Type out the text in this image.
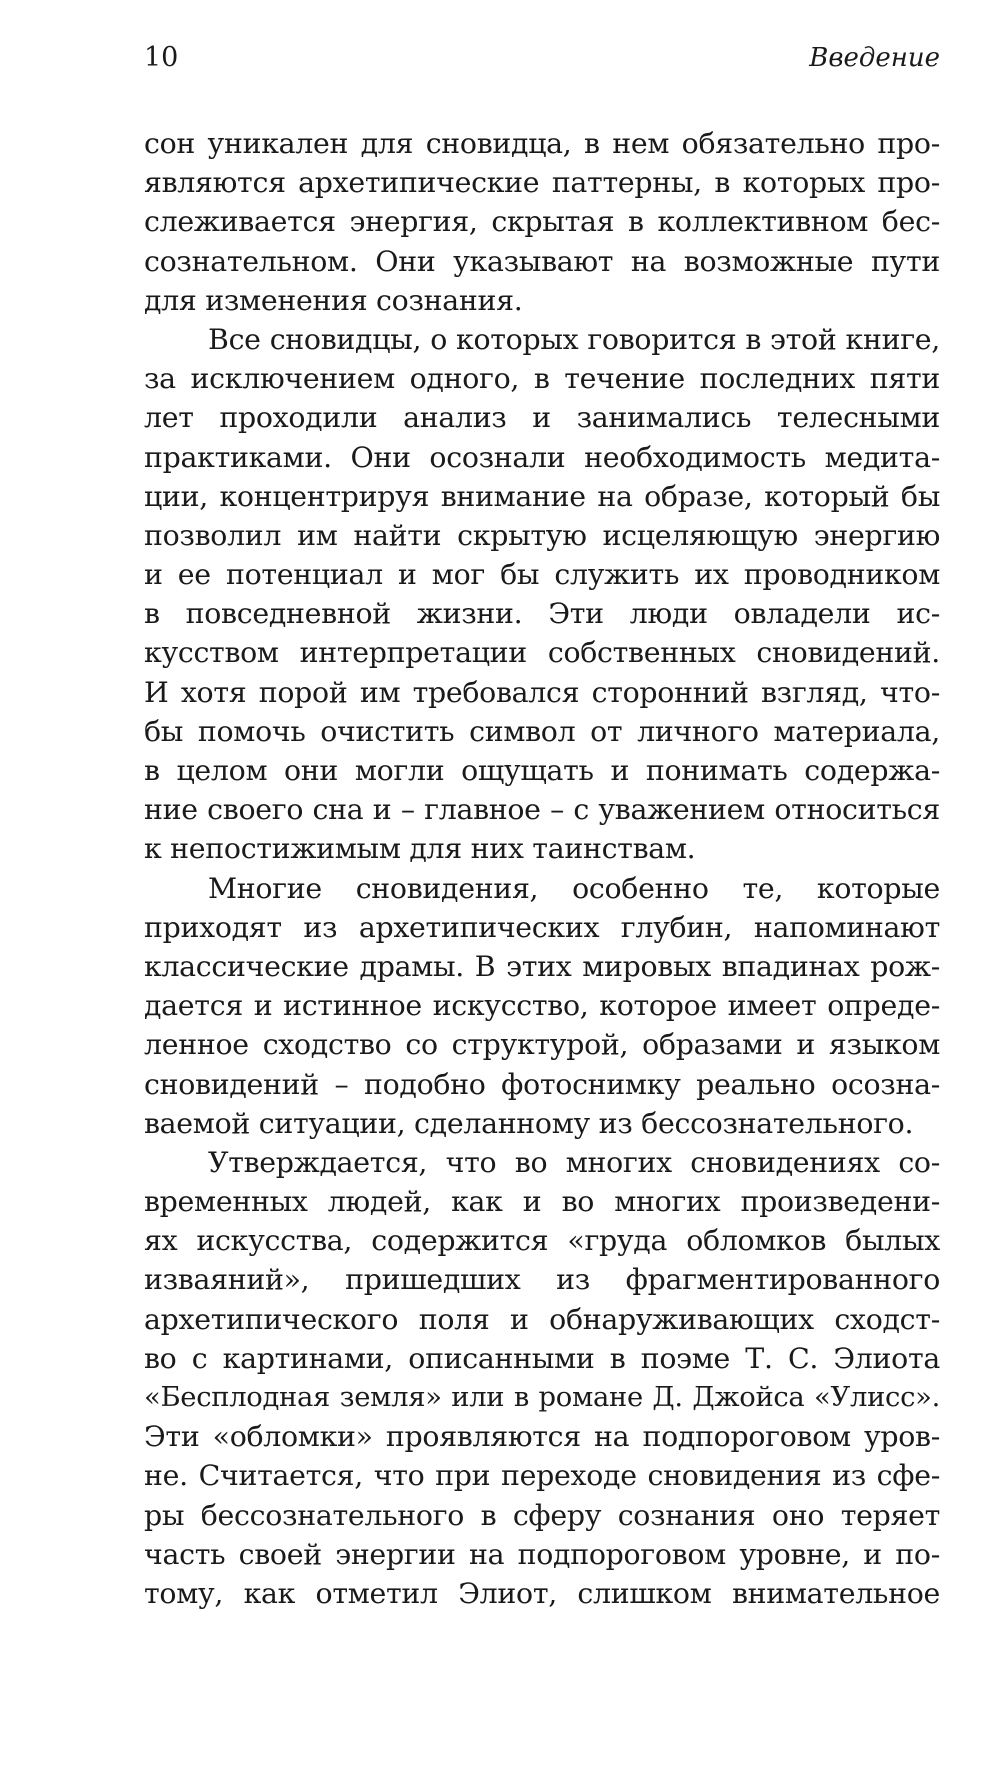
10	Введение
сон уникален для сновидца, в нем обязательно про-
являются архетипические паттерны, в которых про-
слеживается энергия, скрытая в коллективном бес-
сознательном. Они указывают на возможные пути
для изменения сознания.
Все сновидцы, о которых говорится в этой книге,
за исключением одного, в течение последних пяти
лет проходили анализ и занимались телесными
практиками. Они осознали необходимость медита-
ции, концентрируя внимание на образе, который бы
позволил им найти скрытую исцеляющую энергию
и ее потенциал и мог бы служить их проводником
в повседневной жизни. Эти люди овладели ис-
кусством интерпретации собственных сновидений.
И хотя порой им требовался сторонний взгляд, что-
бы помочь очистить символ от личного материала,
в целом они могли ощущать и понимать содержа-
ние своего сна и – главное – с уважением относиться
к непостижимым для них таинствам.
Многие сновидения, особенно те, которые
приходят из архетипических глубин, напоминают
классические драмы. В этих мировых впадинах рож-
дается и истинное искусство, которое имеет опреде-
ленное сходство со структурой, образами и языком
сновидений – подобно фотоснимку реально осозна-
ваемой ситуации, сделанному из бессознательного.
Утверждается, что во многих сновидениях со-
временных людей, как и во многих произведени-
ях искусства, содержится «груда обломков былых
изваяний», пришедших из фрагментированного
архетипического поля и обнаруживающих сходст-
во с картинами, описанными в поэме Т. С. Элиота
«Бесплодная земля» или в романе Д. Джойса «Улисс».
Эти «обломки» проявляются на подпороговом уров-
не. Считается, что при переходе сновидения из сфе-
ры бессознательного в сферу сознания оно теряет
часть своей энергии на подпороговом уровне, и по-
тому, как отметил Элиот, слишком внимательное
